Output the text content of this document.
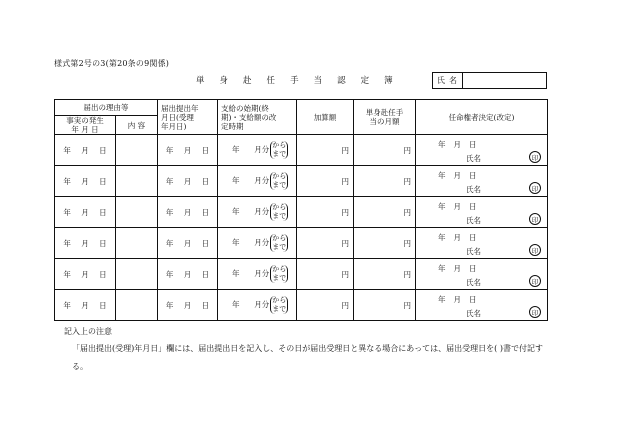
様式第2号の3(第20条の9関係)
単 身 赴 任 手 当 認 定 簿	氏名
届出の理由等		届出提出年
月日(受理
年月日)	支給の始期(終
期)・支給額の改
定時期	加算額	単身赴任手
当の月額	任命権者決定(改定)
事実の発生
年 月 日	内 容					
年 月 日		年 月 日	年 月分 から
まで	円	円	年 月 日
氏名 印

年 月 日		年 月 日	年 月分 から
まで	円	円	年 月 日
氏名 印

年 月 日		年 月 日	年 月分 から
まで	円	円	年 月 日
氏名 印

年 月 日		年 月 日	年 月分 から
まで	円	円	年 月 日
氏名 印

年 月 日		年 月 日	年 月分 から
まで	円	円	年 月 日
氏名 印

年 月 日		年 月 日	年 月分 から
まで	円	円	年 月 日
氏名 印
記入上の注意
「届出提出(受理)年月日」欄には、届出提出日を記入し、その日が届出受理日と異なる場合にあっては、届出受理日を( )書で付記する。
